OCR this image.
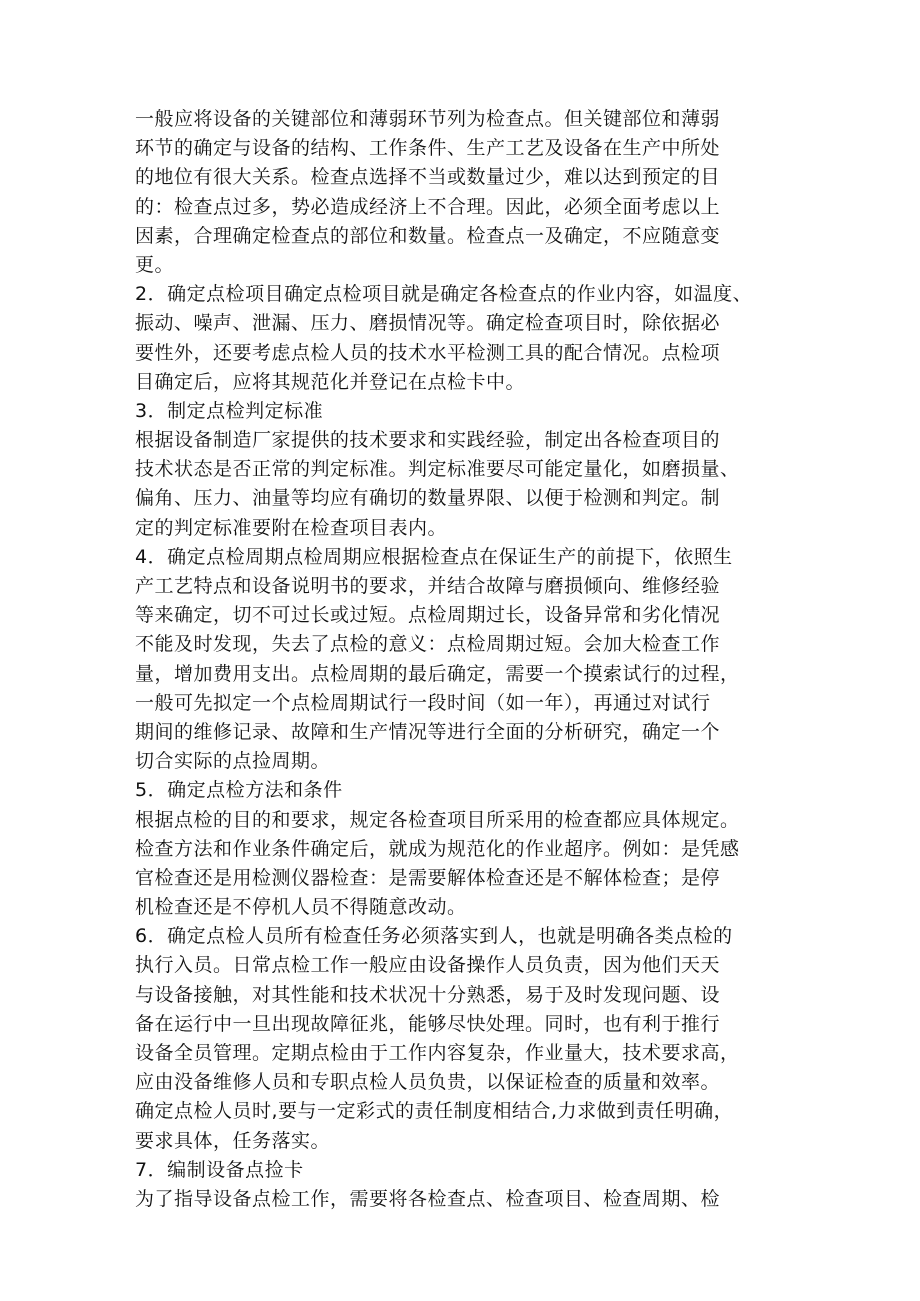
一般应将设备的关键部位和薄弱环节列为检查点。但关键部位和薄弱
环节的确定与设备的结构、工作条件、生产工艺及设备在生产中所处
的地位有很大关系。检查点选择不当或数量过少，难以达到预定的目
的：检查点过多，势必造成经济上不合理。因此，必须全面考虑以上
因素，合理确定检查点的部位和数量。检查点一及确定，不应随意变
更。
2．确定点检项目确定点检项目就是确定各检查点的作业内容，如温度、
振动、噪声、泄漏、压力、磨损情况等。确定检查项目时，除依据必
要性外，还要考虑点检人员的技术水平检测工具的配合情况。点检项
目确定后，应将其规范化并登记在点检卡中。
3．制定点检判定标准
根据设备制造厂家提供的技术要求和实践经验，制定出各检查项目的
技术状态是否正常的判定标准。判定标准要尽可能定量化，如磨损量、
偏角、压力、油量等均应有确切的数量界限、以便于检测和判定。制
定的判定标准要附在检查项目表内。
4．确定点检周期点检周期应根据检查点在保证生产的前提下，依照生
产工艺特点和设备说明书的要求，并结合故障与磨损倾向、维修经验
等来确定，切不可过长或过短。点检周期过长，设备异常和劣化情况
不能及时发现，失去了点检的意义：点检周期过短。会加大检查工作
量，增加费用支出。点检周期的最后确定，需要一个摸索试行的过程，
一般可先拟定一个点检周期试行一段时间（如一年），再通过对试行
期间的维修记录、故障和生产情况等进行全面的分析研究，确定一个
切合实际的点捡周期。
5．确定点检方法和条件
根据点检的目的和要求，规定各检查项目所采用的检查都应具体规定。
检查方法和作业条件确定后，就成为规范化的作业超序。例如：是凭感
官检查还是用检测仪器检查：是需要解体检查还是不解体检查；是停
机检查还是不停机人员不得随意改动。
6．确定点检人员所有检查任务必须落实到人，也就是明确各类点检的
执行入员。日常点检工作一般应由设备操作人员负责，因为他们天天
与设备接触，对其性能和技术状况十分熟悉，易于及时发现问题、设
备在运行中一旦出现故障征兆，能够尽快处理。同时，也有利于推行
设备全员管理。定期点检由于工作内容复杂，作业量大，技术要求高，
应由没备维修人员和专职点检人员负贵，以保证检查的质量和效率。
确定点检人员时,要与一定彩式的责任制度相结合,力求做到责任明确，
要求具体，任务落实。
7．编制设备点捡卡
为了指导设备点检工作，需要将各检查点、检查项目、检查周期、检
